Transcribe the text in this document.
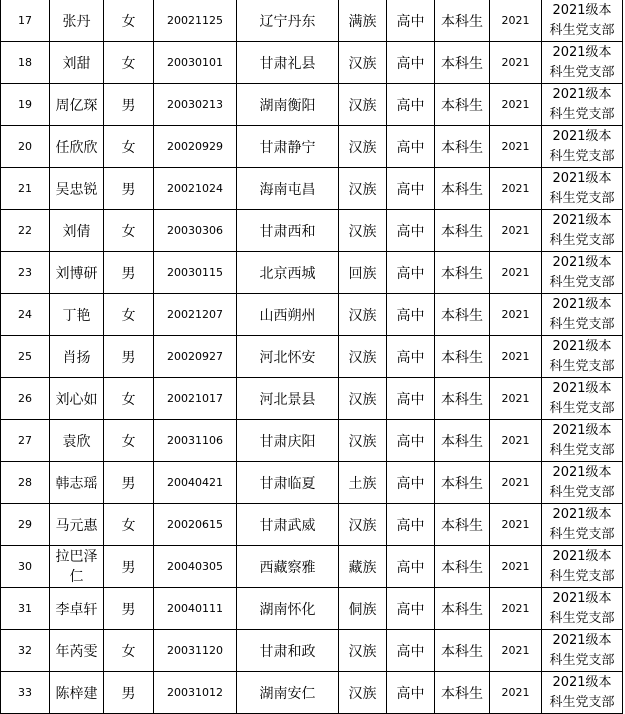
17	张丹	女	20021125	辽宁丹东	满族	高中	本科生	2021	2021级本
科生党支部

18	刘甜	女	20030101	甘肃礼县	汉族	高中	本科生	2021	2021级本
科生党支部

19	周亿琛	男	20030213	湖南衡阳	汉族	高中	本科生	2021	2021级本
科生党支部

20	任欣欣	女	20020929	甘肃静宁	汉族	高中	本科生	2021	2021级本
科生党支部

21	吴忠锐	男	20021024	海南屯昌	汉族	高中	本科生	2021	2021级本
科生党支部

22	刘倩	女	20030306	甘肃西和	汉族	高中	本科生	2021	2021级本
科生党支部

23	刘博研	男	20030115	北京西城	回族	高中	本科生	2021	2021级本
科生党支部

24	丁艳	女	20021207	山西朔州	汉族	高中	本科生	2021	2021级本
科生党支部

25	肖扬	男	20020927	河北怀安	汉族	高中	本科生	2021	2021级本
科生党支部

26	刘心如	女	20021017	河北景县	汉族	高中	本科生	2021	2021级本
科生党支部

27	袁欣	女	20031106	甘肃庆阳	汉族	高中	本科生	2021	2021级本
科生党支部

28	韩志瑶	男	20040421	甘肃临夏	土族	高中	本科生	2021	2021级本
科生党支部

29	马元惠	女	20020615	甘肃武威	汉族	高中	本科生	2021	2021级本
科生党支部

30	拉巴泽仁	男	20040305	西藏察雅	藏族	高中	本科生	2021	2021级本
科生党支部

31	李卓轩	男	20040111	湖南怀化	侗族	高中	本科生	2021	2021级本
科生党支部

32	年芮雯	女	20031120	甘肃和政	汉族	高中	本科生	2021	2021级本
科生党支部

33	陈梓建	男	20031012	湖南安仁	汉族	高中	本科生	2021	2021级本
科生党支部
